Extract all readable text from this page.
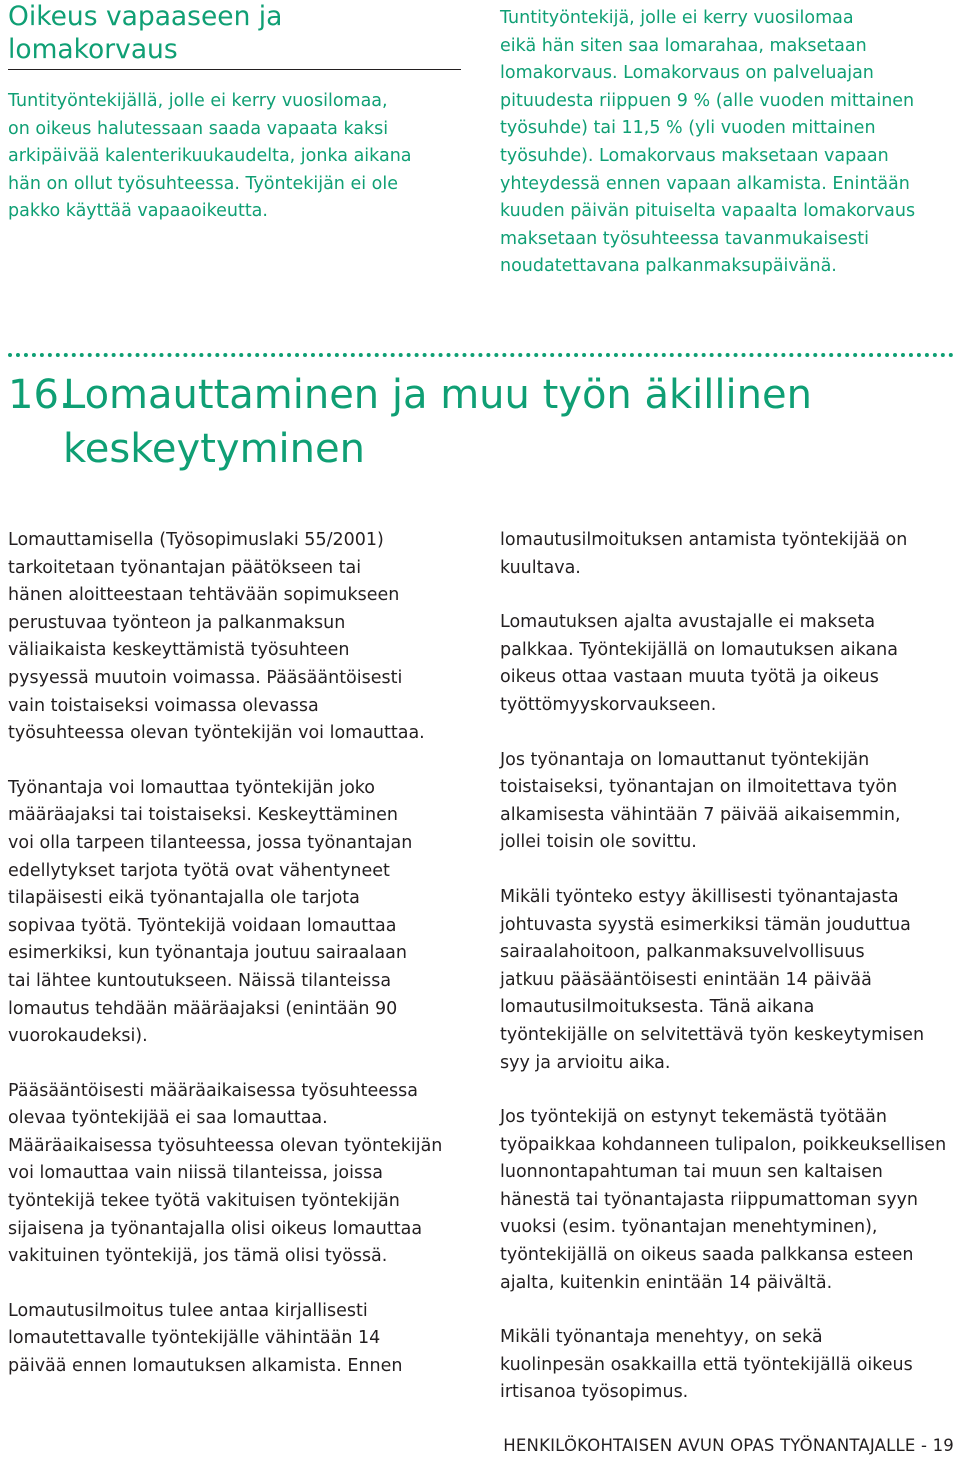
Oikeus vapaaseen ja
lomakorvaus

Tuntityöntekijällä, jolle ei kerry vuosilomaa,
on oikeus halutessaan saada vapaata kaksi
arkipäivää kalenterikuukaudelta, jonka aikana
hän on ollut työsuhteessa. Työntekijän ei ole
pakko käyttää vapaaoikeutta.

Tuntityöntekijä, jolle ei kerry vuosilomaa
eikä hän siten saa lomarahaa, maksetaan
lomakorvaus. Lomakorvaus on palveluajan
pituudesta riippuen 9 % (alle vuoden mittainen
työsuhde) tai 11,5 % (yli vuoden mittainen
työsuhde). Lomakorvaus maksetaan vapaan
yhteydessä ennen vapaan alkamista. Enintään
kuuden päivän pituiselta vapaalta lomakorvaus
maksetaan työsuhteessa tavanmukaisesti
noudatettavana palkanmaksupäivänä.

16.Lomauttaminen ja muu työn äkillinen
keskeytyminen

Lomauttamisella (Työsopimuslaki 55/2001)
tarkoitetaan työnantajan päätökseen tai
hänen aloitteestaan tehtävään sopimukseen
perustuvaa työnteon ja palkanmaksun
väliaikaista keskeyttämistä työsuhteen
pysyessä muutoin voimassa. Pääsääntöisesti
vain toistaiseksi voimassa olevassa
työsuhteessa olevan työntekijän voi lomauttaa.

Työnantaja voi lomauttaa työntekijän joko
määräajaksi tai toistaiseksi. Keskeyttäminen
voi olla tarpeen tilanteessa, jossa työnantajan
edellytykset tarjota työtä ovat vähentyneet
tilapäisesti eikä työnantajalla ole tarjota
sopivaa työtä. Työntekijä voidaan lomauttaa
esimerkiksi, kun työnantaja joutuu sairaalaan
tai lähtee kuntoutukseen. Näissä tilanteissa
lomautus tehdään määräajaksi (enintään 90
vuorokaudeksi).

Pääsääntöisesti määräaikaisessa työsuhteessa
olevaa työntekijää ei saa lomauttaa.
Määräaikaisessa työsuhteessa olevan työntekijän
voi lomauttaa vain niissä tilanteissa, joissa
työntekijä tekee työtä vakituisen työntekijän
sijaisena ja työnantajalla olisi oikeus lomauttaa
vakituinen työntekijä, jos tämä olisi työssä.

Lomautusilmoitus tulee antaa kirjallisesti
lomautettavalle työntekijälle vähintään 14
päivää ennen lomautuksen alkamista. Ennen

lomautusilmoituksen antamista työntekijää on
kuultava.

Lomautuksen ajalta avustajalle ei makseta
palkkaa. Työntekijällä on lomautuksen aikana
oikeus ottaa vastaan muuta työtä ja oikeus
työttömyyskorvaukseen.

Jos työnantaja on lomauttanut työntekijän
toistaiseksi, työnantajan on ilmoitettava työn
alkamisesta vähintään 7 päivää aikaisemmin,
jollei toisin ole sovittu.

Mikäli työnteko estyy äkillisesti työnantajasta
johtuvasta syystä esimerkiksi tämän jouduttua
sairaalahoitoon, palkanmaksuvelvollisuus
jatkuu pääsääntöisesti enintään 14 päivää
lomautusilmoituksesta. Tänä aikana
työntekijälle on selvitettävä työn keskeytymisen
syy ja arvioitu aika.

Jos työntekijä on estynyt tekemästä työtään
työpaikkaa kohdanneen tulipalon, poikkeuksellisen
luonnontapahtuman tai muun sen kaltaisen
hänestä tai työnantajasta riippumattoman syyn
vuoksi (esim. työnantajan menehtyminen),
työntekijällä on oikeus saada palkkansa esteen
ajalta, kuitenkin enintään 14 päivältä.

Mikäli työnantaja menehtyy, on sekä
kuolinpesän osakkailla että työntekijällä oikeus
irtisanoa työsopimus.

HENKILÖKOHTAISEN AVUN OPAS TYÖNANTAJALLE - 19
